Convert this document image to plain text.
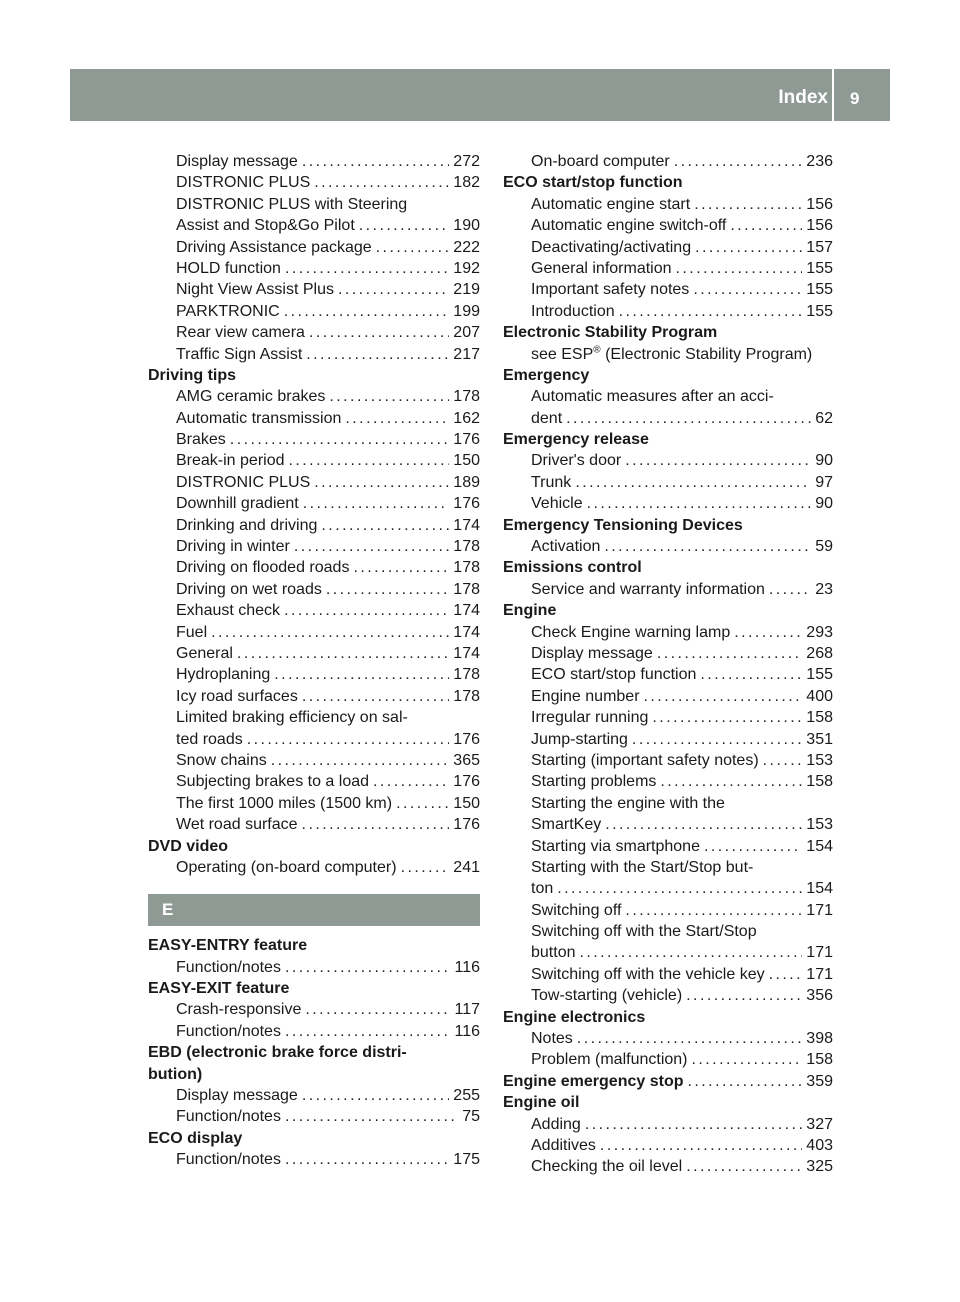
Index 9
Display message . . .	272
DISTRONIC PLUS . . .	182
DISTRONIC PLUS with Steering
Assist and Stop&Go Pilot . . .	190
Driving Assistance package . . .	222
HOLD function . . .	192
Night View Assist Plus . . .	219
PARKTRONIC . . .	199
Rear view camera . . .	207
Traffic Sign Assist . . .	217
Driving tips
AMG ceramic brakes . . .	178
Automatic transmission . . .	162
Brakes . . .	176
Break-in period . . .	150
DISTRONIC PLUS . . .	189
Downhill gradient . . .	176
Drinking and driving . . .	174
Driving in winter . . .	178
Driving on flooded roads . . .	178
Driving on wet roads . . .	178
Exhaust check . . .	174
Fuel . . .	174
General . . .	174
Hydroplaning . . .	178
Icy road surfaces . . .	178
Limited braking efficiency on sal-
ted roads . . .	176
Snow chains . . .	365
Subjecting brakes to a load . . .	176
The first 1000 miles (1500 km) . . .	150
Wet road surface . . .	176
DVD video
Operating (on-board computer) . . .	241
E
EASY-ENTRY feature
Function/notes . . .	116
EASY-EXIT feature
Crash-responsive . . .	117
Function/notes . . .	116
EBD (electronic brake force distri-
bution)
Display message . . .	255
Function/notes . . .	75
ECO display
Function/notes . . .	175
On-board computer . . .	236
ECO start/stop function
Automatic engine start . . .	156
Automatic engine switch-off . . .	156
Deactivating/activating . . .	157
General information . . .	155
Important safety notes . . .	155
Introduction . . .	155
Electronic Stability Program
see ESP® (Electronic Stability Program)
Emergency
Automatic measures after an acci-
dent . . .	62
Emergency release
Driver's door . . .	90
Trunk . . .	97
Vehicle . . .	90
Emergency Tensioning Devices
Activation . . .	59
Emissions control
Service and warranty information . . .	23
Engine
Check Engine warning lamp . . .	293
Display message . . .	268
ECO start/stop function . . .	155
Engine number . . .	400
Irregular running . . .	158
Jump-starting . . .	351
Starting (important safety notes) . . .	153
Starting problems . . .	158
Starting the engine with the
SmartKey . . .	153
Starting via smartphone . . .	154
Starting with the Start/Stop but-
ton . . .	154
Switching off . . .	171
Switching off with the Start/Stop
button . . .	171
Switching off with the vehicle key . . .	171
Tow-starting (vehicle) . . .	356
Engine electronics
Notes . . .	398
Problem (malfunction) . . .	158
Engine emergency stop . . .	359
Engine oil
Adding . . .	327
Additives . . .	403
Checking the oil level . . .	325
